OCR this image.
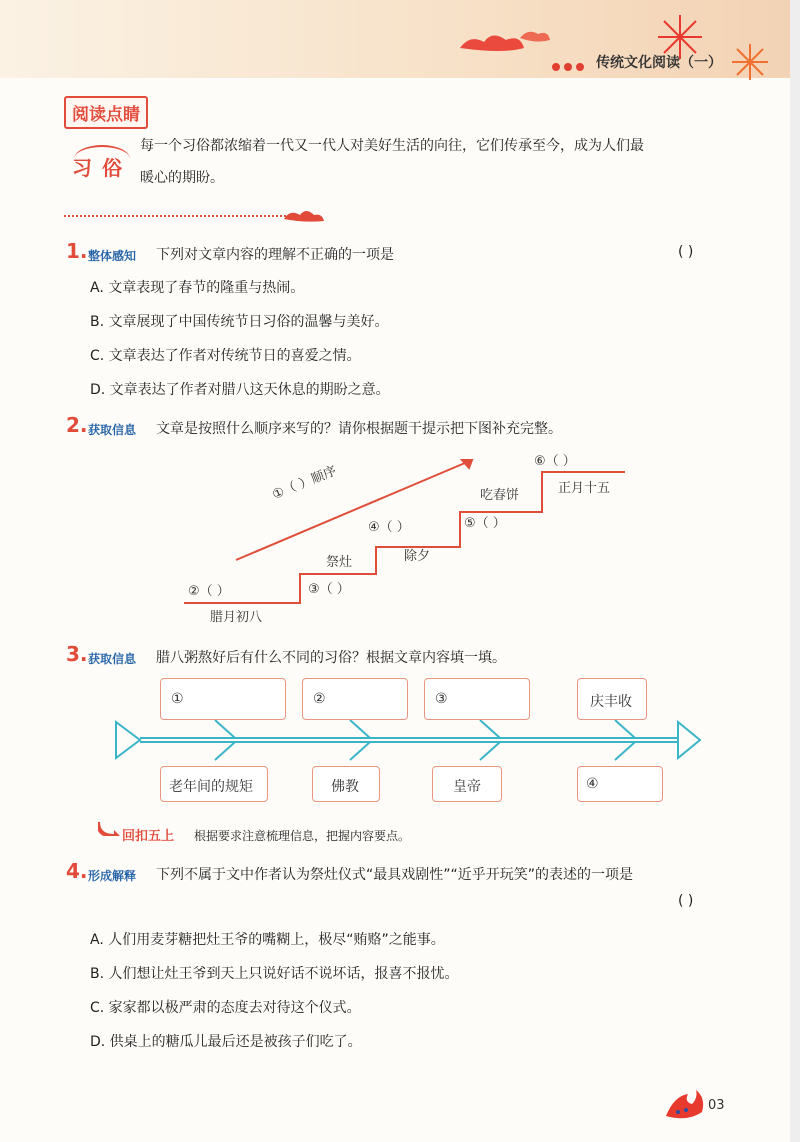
传统文化阅读（一）
阅读点睛
习俗
每一个习俗都浓缩着一代又一代人对美好生活的向往，它们传承至今，成为人们最
暖心的期盼。
1. 整体感知 下列对文章内容的理解不正确的一项是	( )
A. 文章表现了春节的隆重与热闹。
B. 文章展现了中国传统节日习俗的温馨与美好。
C. 文章表达了作者对传统节日的喜爱之情。
D. 文章表达了作者对腊八这天休息的期盼之意。
2. 获取信息 文章是按照什么顺序来写的？请你根据题干提示把下图补充完整。
②（ ）
腊月初八
祭灶
③（ ）
除夕
④（ ）
①（ ）顺序	吃春饼
⑤（ ）
⑥（ ）
正月十五
3. 获取信息 腊八粥熬好后有什么不同的习俗？根据文章内容填一填。
①	②	③	庆丰收
老年间的规矩	佛教	皇帝	④
回扣五上 根据要求注意梳理信息，把握内容要点。
4. 形成解释 下列不属于文中作者认为祭灶仪式“最具戏剧性”“近乎开玩笑”的表述的一项是
( )
A. 人们用麦芽糖把灶王爷的嘴糊上，极尽“贿赂”之能事。
B. 人们想让灶王爷到天上只说好话不说坏话，报喜不报忧。
C. 家家都以极严肃的态度去对待这个仪式。
D. 供桌上的糖瓜儿最后还是被孩子们吃了。
03
